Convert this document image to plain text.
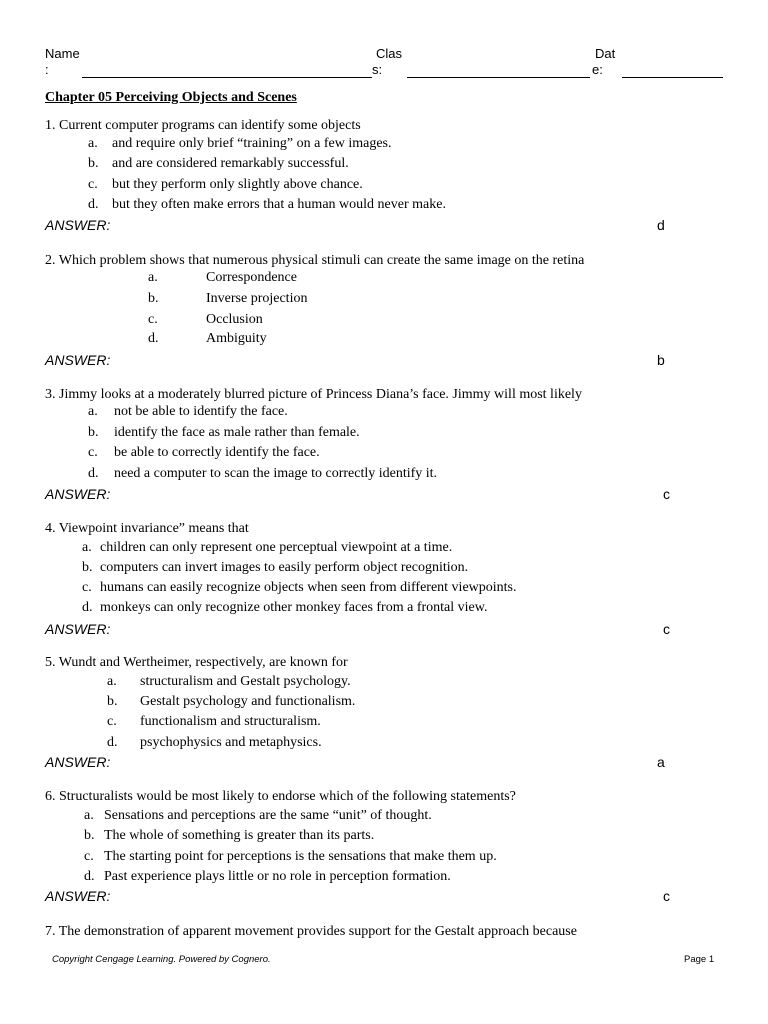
Name
:
Clas
s:
Dat
e:
Chapter 05 Perceiving Objects and Scenes
1. Current computer programs can identify some objects
a. and require only brief “training” on a few images.
b. and are considered remarkably successful.
c. but they perform only slightly above chance.
d. but they often make errors that a human would never make.
ANSWER:	d
2. Which problem shows that numerous physical stimuli can create the same image on the retina
a.	Correspondence
b.	Inverse projection
c.	Occlusion
d.	Ambiguity
ANSWER:	b
3. Jimmy looks at a moderately blurred picture of Princess Diana’s face. Jimmy will most likely
a. not be able to identify the face.
b. identify the face as male rather than female.
c. be able to correctly identify the face.
d. need a computer to scan the image to correctly identify it.
ANSWER:	c
4. Viewpoint invariance” means that
a. children can only represent one perceptual viewpoint at a time.
b. computers can invert images to easily perform object recognition.
c. humans can easily recognize objects when seen from different viewpoints.
d. monkeys can only recognize other monkey faces from a frontal view.
ANSWER:	c
5. Wundt and Wertheimer, respectively, are known for
a. structuralism and Gestalt psychology.
b. Gestalt psychology and functionalism.
c. functionalism and structuralism.
d. psychophysics and metaphysics.
ANSWER:	a
6. Structuralists would be most likely to endorse which of the following statements?
a. Sensations and perceptions are the same “unit” of thought.
b. The whole of something is greater than its parts.
c. The starting point for perceptions is the sensations that make them up.
d. Past experience plays little or no role in perception formation.
ANSWER:	c
7. The demonstration of apparent movement provides support for the Gestalt approach because
Copyright Cengage Learning. Powered by Cognero.	Page 1
